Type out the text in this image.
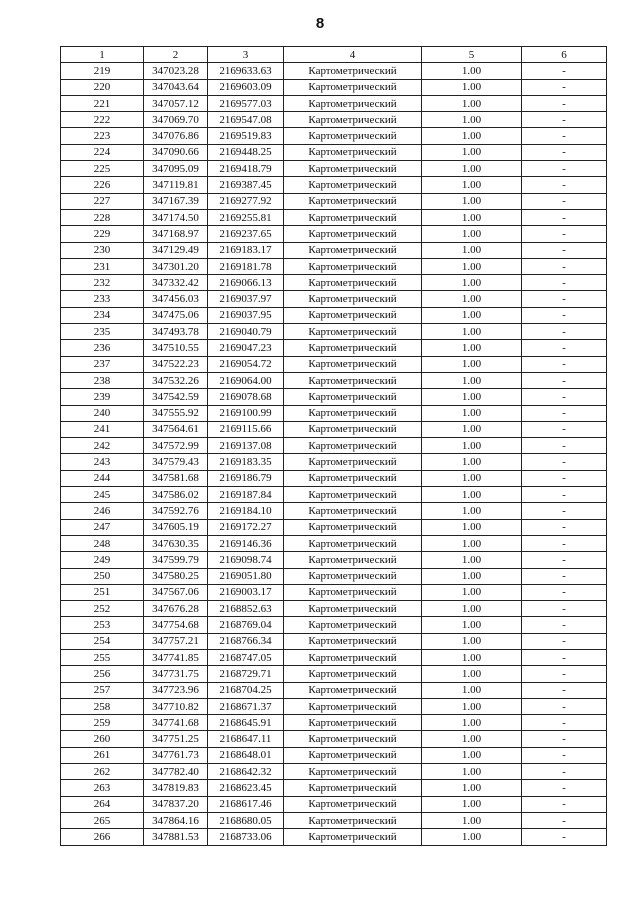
8
1	2	3	4	5	6
219	347023.28	2169633.63	Картометрический	1.00	-
220	347043.64	2169603.09	Картометрический	1.00	-
221	347057.12	2169577.03	Картометрический	1.00	-
222	347069.70	2169547.08	Картометрический	1.00	-
223	347076.86	2169519.83	Картометрический	1.00	-
224	347090.66	2169448.25	Картометрический	1.00	-
225	347095.09	2169418.79	Картометрический	1.00	-
226	347119.81	2169387.45	Картометрический	1.00	-
227	347167.39	2169277.92	Картометрический	1.00	-
228	347174.50	2169255.81	Картометрический	1.00	-
229	347168.97	2169237.65	Картометрический	1.00	-
230	347129.49	2169183.17	Картометрический	1.00	-
231	347301.20	2169181.78	Картометрический	1.00	-
232	347332.42	2169066.13	Картометрический	1.00	-
233	347456.03	2169037.97	Картометрический	1.00	-
234	347475.06	2169037.95	Картометрический	1.00	-
235	347493.78	2169040.79	Картометрический	1.00	-
236	347510.55	2169047.23	Картометрический	1.00	-
237	347522.23	2169054.72	Картометрический	1.00	-
238	347532.26	2169064.00	Картометрический	1.00	-
239	347542.59	2169078.68	Картометрический	1.00	-
240	347555.92	2169100.99	Картометрический	1.00	-
241	347564.61	2169115.66	Картометрический	1.00	-
242	347572.99	2169137.08	Картометрический	1.00	-
243	347579.43	2169183.35	Картометрический	1.00	-
244	347581.68	2169186.79	Картометрический	1.00	-
245	347586.02	2169187.84	Картометрический	1.00	-
246	347592.76	2169184.10	Картометрический	1.00	-
247	347605.19	2169172.27	Картометрический	1.00	-
248	347630.35	2169146.36	Картометрический	1.00	-
249	347599.79	2169098.74	Картометрический	1.00	-
250	347580.25	2169051.80	Картометрический	1.00	-
251	347567.06	2169003.17	Картометрический	1.00	-
252	347676.28	2168852.63	Картометрический	1.00	-
253	347754.68	2168769.04	Картометрический	1.00	-
254	347757.21	2168766.34	Картометрический	1.00	-
255	347741.85	2168747.05	Картометрический	1.00	-
256	347731.75	2168729.71	Картометрический	1.00	-
257	347723.96	2168704.25	Картометрический	1.00	-
258	347710.82	2168671.37	Картометрический	1.00	-
259	347741.68	2168645.91	Картометрический	1.00	-
260	347751.25	2168647.11	Картометрический	1.00	-
261	347761.73	2168648.01	Картометрический	1.00	-
262	347782.40	2168642.32	Картометрический	1.00	-
263	347819.83	2168623.45	Картометрический	1.00	-
264	347837.20	2168617.46	Картометрический	1.00	-
265	347864.16	2168680.05	Картометрический	1.00	-
266	347881.53	2168733.06	Картометрический	1.00	-
